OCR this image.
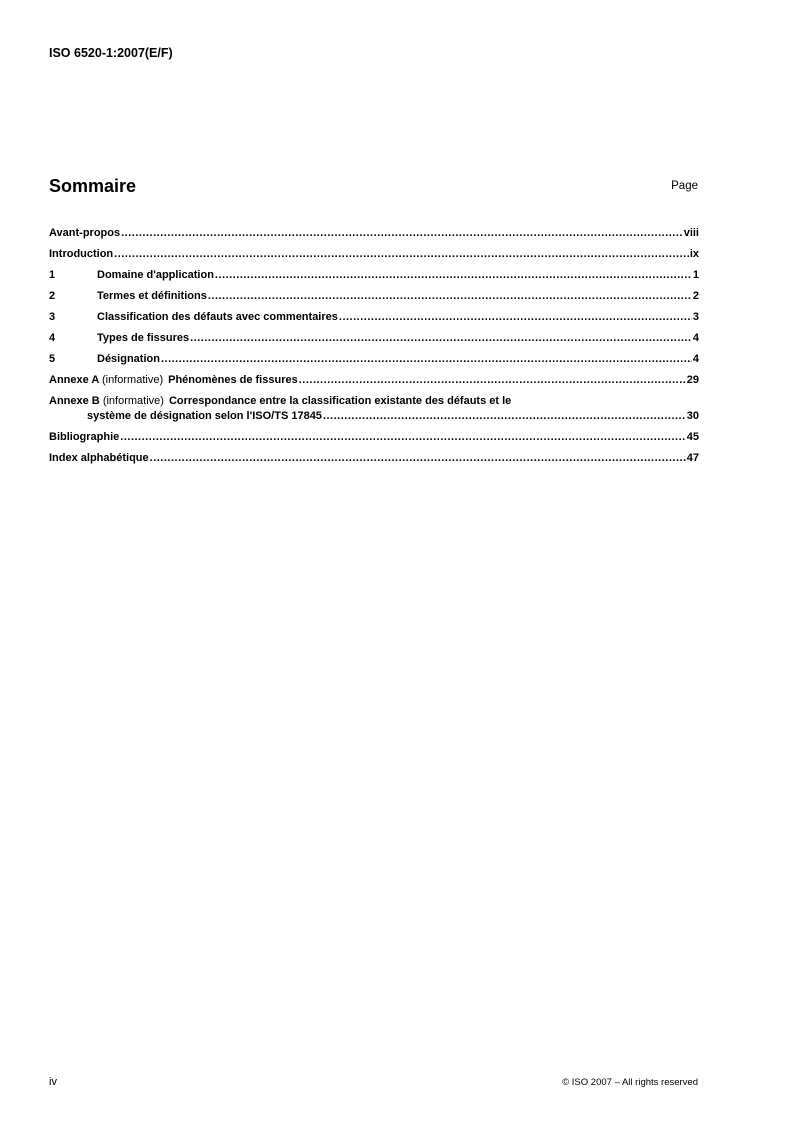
ISO 6520-1:2007(E/F)
Sommaire	Page
Avant-propos .....	viii
Introduction .....	ix
1	Domaine d'application .....	1
2	Termes et définitions .....	2
3	Classification des défauts avec commentaires .....	3
4	Types de fissures .....	4
5	Désignation .....	4
Annexe A (informative) Phénomènes de fissures .....	29
Annexe B (informative) Correspondance entre la classification existante des défauts et le
système de désignation selon l'ISO/TS 17845 .....	30
Bibliographie .....	45
Index alphabétique .....	47
iv	© ISO 2007 – All rights reserved
